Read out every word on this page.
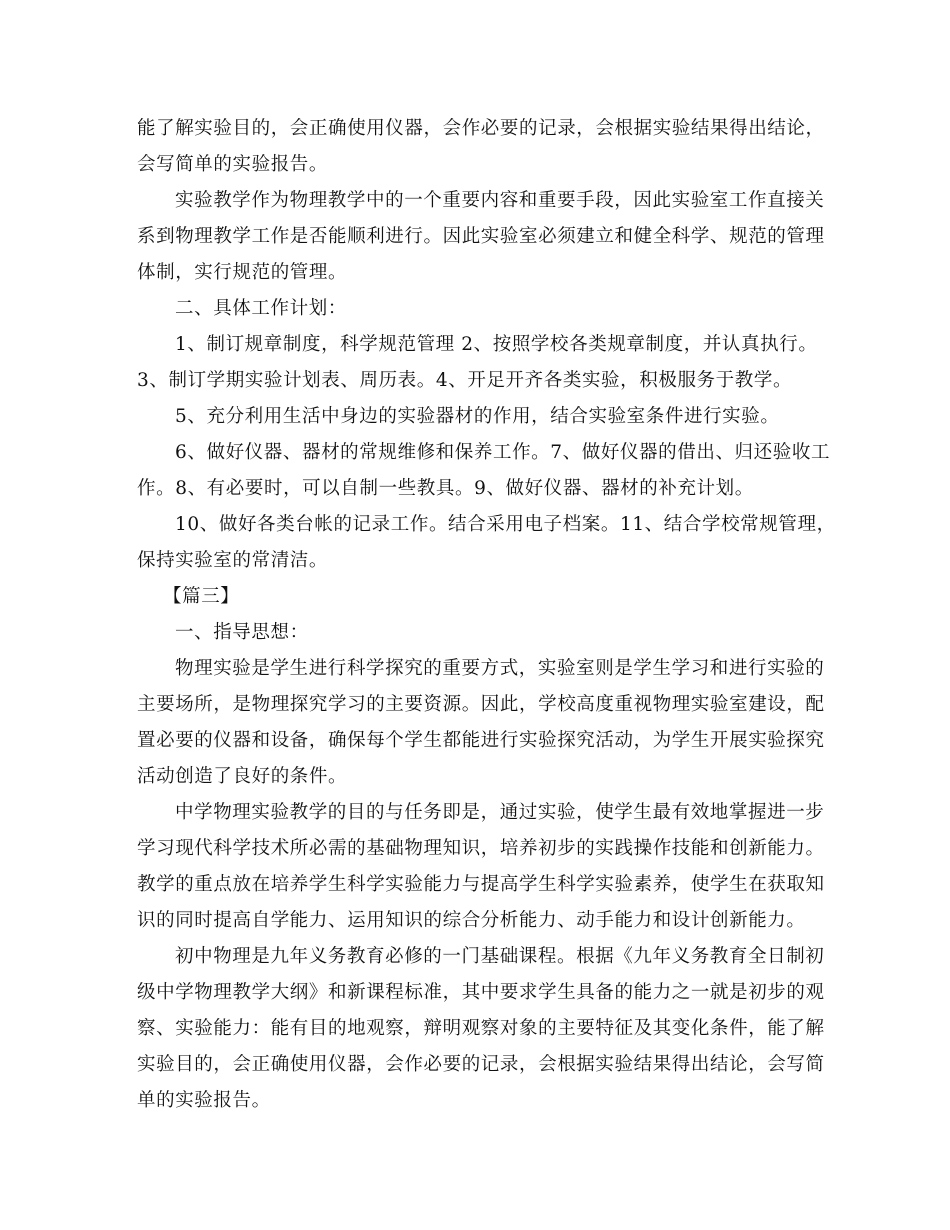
能了解实验目的，会正确使用仪器，会作必要的记录，会根据实验结果得出结论，
会写简单的实验报告。
实验教学作为物理教学中的一个重要内容和重要手段，因此实验室工作直接关
系到物理教学工作是否能顺利进行。因此实验室必须建立和健全科学、规范的管理
体制，实行规范的管理。
二、具体工作计划：
1、制订规章制度，科学规范管理 2、按照学校各类规章制度，并认真执行。
3、制订学期实验计划表、周历表。4、开足开齐各类实验，积极服务于教学。
5、充分利用生活中身边的实验器材的作用，结合实验室条件进行实验。
6、做好仪器、器材的常规维修和保养工作。7、做好仪器的借出、归还验收工
作。8、有必要时，可以自制一些教具。9、做好仪器、器材的补充计划。
10、做好各类台帐的记录工作。结合采用电子档案。11、结合学校常规管理，
保持实验室的常清洁。
【篇三】
一、指导思想：
物理实验是学生进行科学探究的重要方式，实验室则是学生学习和进行实验的
主要场所，是物理探究学习的主要资源。因此，学校高度重视物理实验室建设，配
置必要的仪器和设备，确保每个学生都能进行实验探究活动，为学生开展实验探究
活动创造了良好的条件。
中学物理实验教学的目的与任务即是，通过实验，使学生最有效地掌握进一步
学习现代科学技术所必需的基础物理知识，培养初步的实践操作技能和创新能力。
教学的重点放在培养学生科学实验能力与提高学生科学实验素养，使学生在获取知
识的同时提高自学能力、运用知识的综合分析能力、动手能力和设计创新能力。
初中物理是九年义务教育必修的一门基础课程。根据《九年义务教育全日制初
级中学物理教学大纲》和新课程标准，其中要求学生具备的能力之一就是初步的观
察、实验能力：能有目的地观察，辩明观察对象的主要特征及其变化条件，能了解
实验目的，会正确使用仪器，会作必要的记录，会根据实验结果得出结论，会写简
单的实验报告。
